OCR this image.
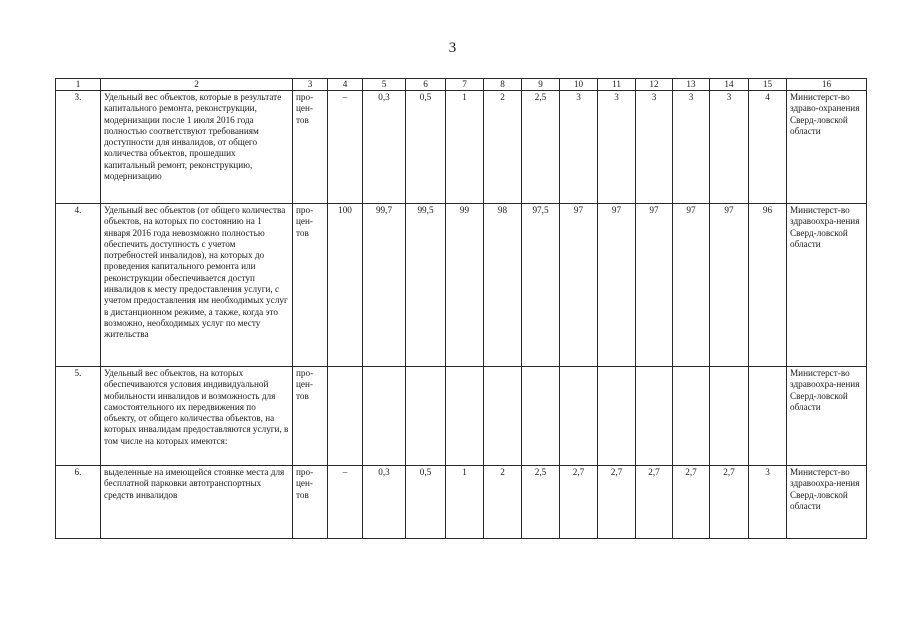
3
1	2	3	4	5	6	7	8	9	10	11	12	13	14	15	16
3.	Удельный вес объектов, которые в результате капитального ремонта, реконструкции, модернизации после 1 июля 2016 года полностью соответствуют требованиям доступности для инвалидов, от общего количества объектов, прошедших капитальный ремонт, реконструкцию, модернизацию	про-цен-тов	–	0,3	0,5	1	2	2,5	3	3	3	3	3	4	Министерст-во здраво-охранения Сверд-ловской области
4.	Удельный вес объектов (от общего количества объектов, на которых по состоянию на 1 января 2016 года невозможно полностью обеспечить доступность с учетом потребностей инвалидов), на которых до проведения капитального ремонта или реконструкции обеспечивается доступ инвалидов к месту предоставления услуги, с учетом предоставления им необходимых услуг в дистанционном режиме, а также, когда это возможно, необходимых услуг по месту жительства	про-цен-тов	100	99,7	99,5	99	98	97,5	97	97	97	97	97	96	Министерст-во здравоохра-нения Сверд-ловской области
5.	Удельный вес объектов, на которых обеспечиваются условия индивидуальной мобильности инвалидов и возможность для самостоятельного их передвижения по объекту, от общего количества объектов, на которых инвалидам предоставляются услуги, в том числе на которых имеются:	про-цен-тов													Министерст-во здравоохра-нения Сверд-ловской области
6.	выделенные на имеющейся стоянке места для бесплатной парковки автотранспортных средств инвалидов	про-цен-тов	–	0,3	0,5	1	2	2,5	2,7	2,7	2,7	2,7	2,7	3	Министерст-во здравоохра-нения Сверд-ловской области
